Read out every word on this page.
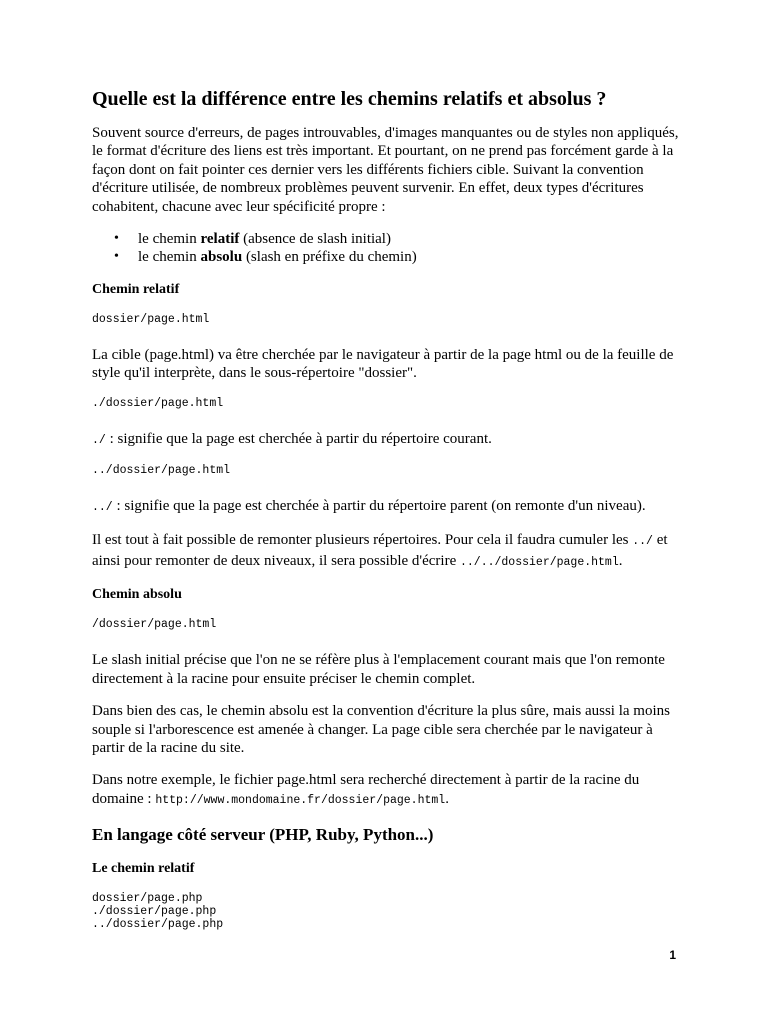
Quelle est la différence entre les chemins relatifs et absolus ?

Souvent source d'erreurs, de pages introuvables, d'images manquantes ou de styles non appliqués, le format d'écriture des liens est très important. Et pourtant, on ne prend pas forcément garde à la façon dont on fait pointer ces dernier vers les différents fichiers cible. Suivant la convention d'écriture utilisée, de nombreux problèmes peuvent survenir. En effet, deux types d'écritures cohabitent, chacune avec leur spécificité propre :

• le chemin relatif (absence de slash initial)
• le chemin absolu (slash en préfixe du chemin)
Chemin relatif
dossier/page.html

La cible (page.html) va être cherchée par le navigateur à partir de la page html ou de la feuille de style qu'il interprète, dans le sous-répertoire "dossier".

./dossier/page.html

./ : signifie que la page est cherchée à partir du répertoire courant.

../dossier/page.html

../ : signifie que la page est cherchée à partir du répertoire parent (on remonte d'un niveau).

Il est tout à fait possible de remonter plusieurs répertoires. Pour cela il faudra cumuler les ../ et ainsi pour remonter de deux niveaux, il sera possible d'écrire ../../dossier/page.html.

Chemin absolu
/dossier/page.html

Le slash initial précise que l'on ne se réfère plus à l'emplacement courant mais que l'on remonte directement à la racine pour ensuite préciser le chemin complet.

Dans bien des cas, le chemin absolu est la convention d'écriture la plus sûre, mais aussi la moins souple si l'arborescence est amenée à changer. La page cible sera cherchée par le navigateur à partir de la racine du site.

Dans notre exemple, le fichier page.html sera recherché directement à partir de la racine du domaine : http://www.mondomaine.fr/dossier/page.html.

En langage côté serveur (PHP, Ruby, Python...)
Le chemin relatif
dossier/page.php
./dossier/page.php
../dossier/page.php
1
